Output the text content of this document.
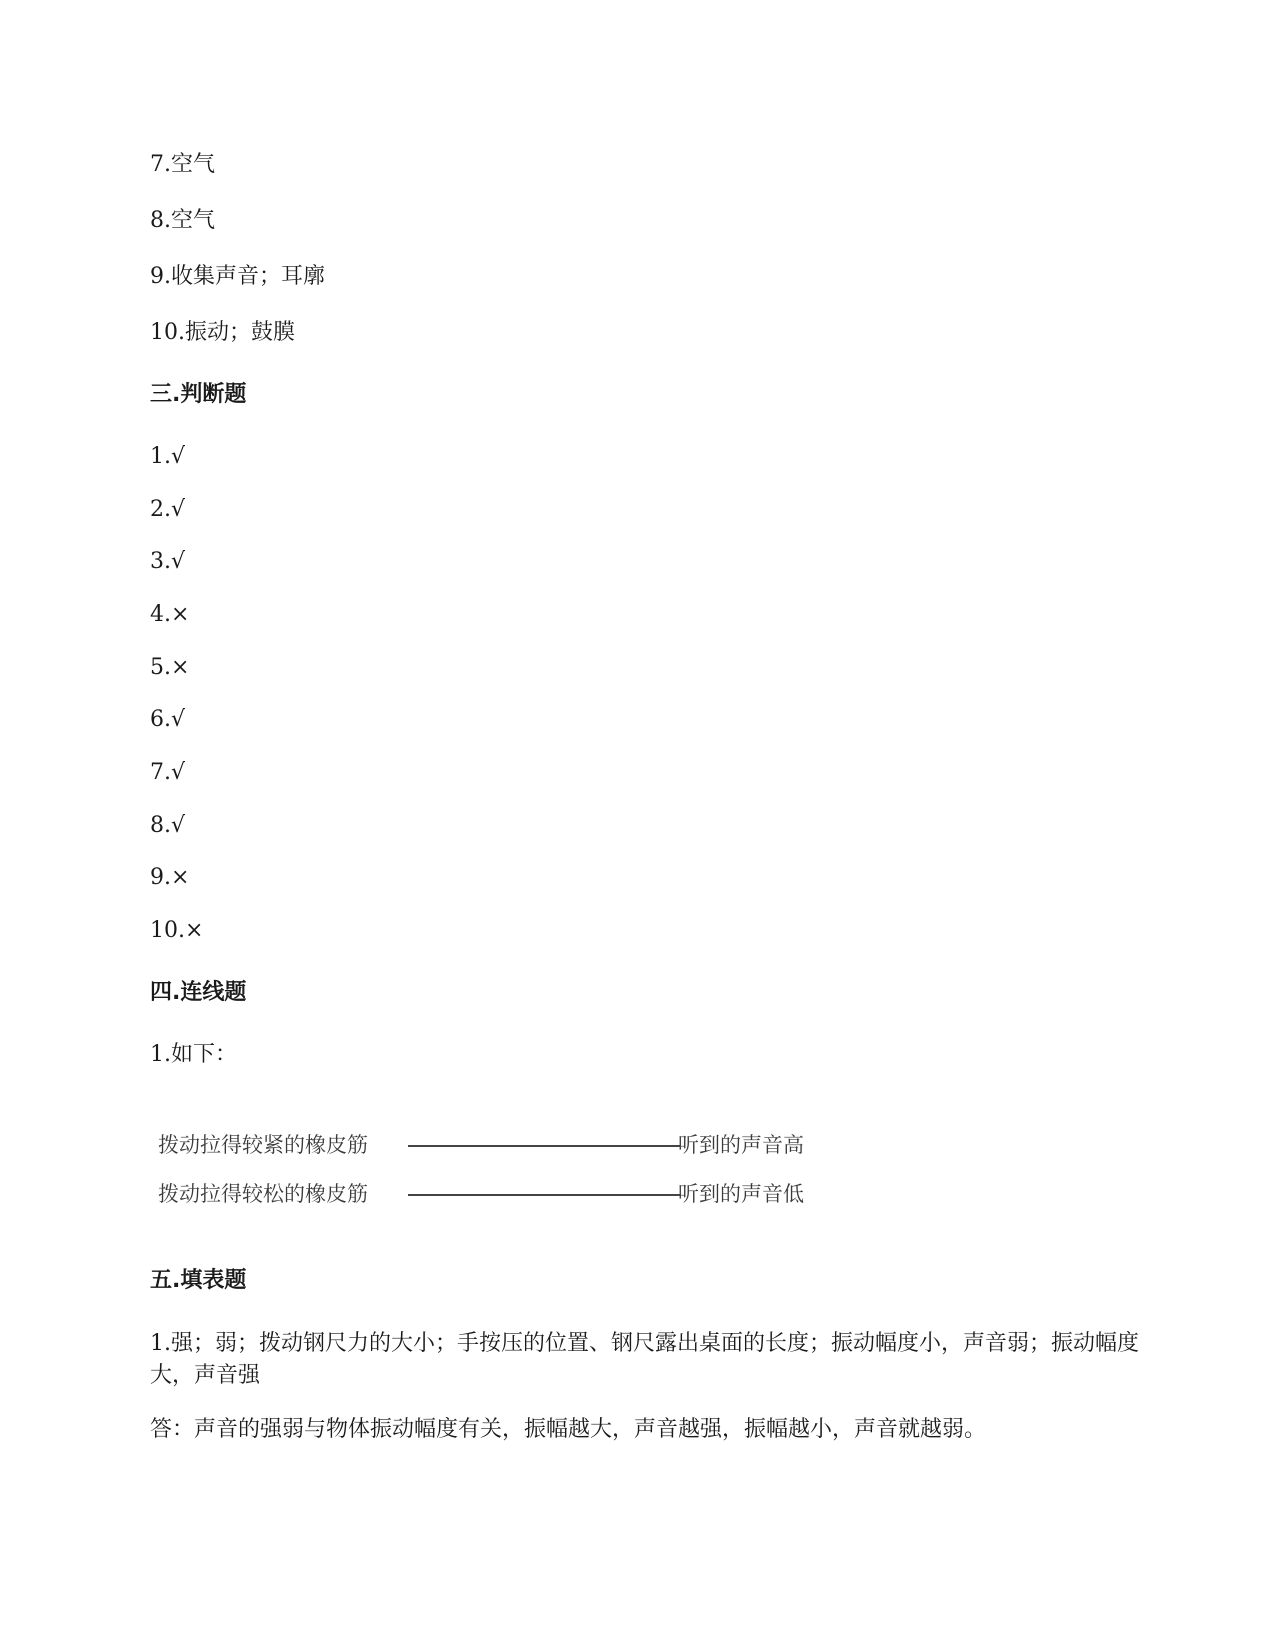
7.空气
8.空气
9.收集声音；耳廓
10.振动；鼓膜
三.判断题
1.√
2.√
3.√
4.×
5.×
6.√
7.√
8.√
9.×
10.×
四.连线题
1.如下：
拨动拉得较紧的橡皮筋	听到的声音高
拨动拉得较松的橡皮筋	听到的声音低
五.填表题
1.强；弱；拨动钢尺力的大小；手按压的位置、钢尺露出桌面的长度；振动幅度小，声音弱；振动幅度大，声音强
答：声音的强弱与物体振动幅度有关，振幅越大，声音越强，振幅越小，声音就越弱。
